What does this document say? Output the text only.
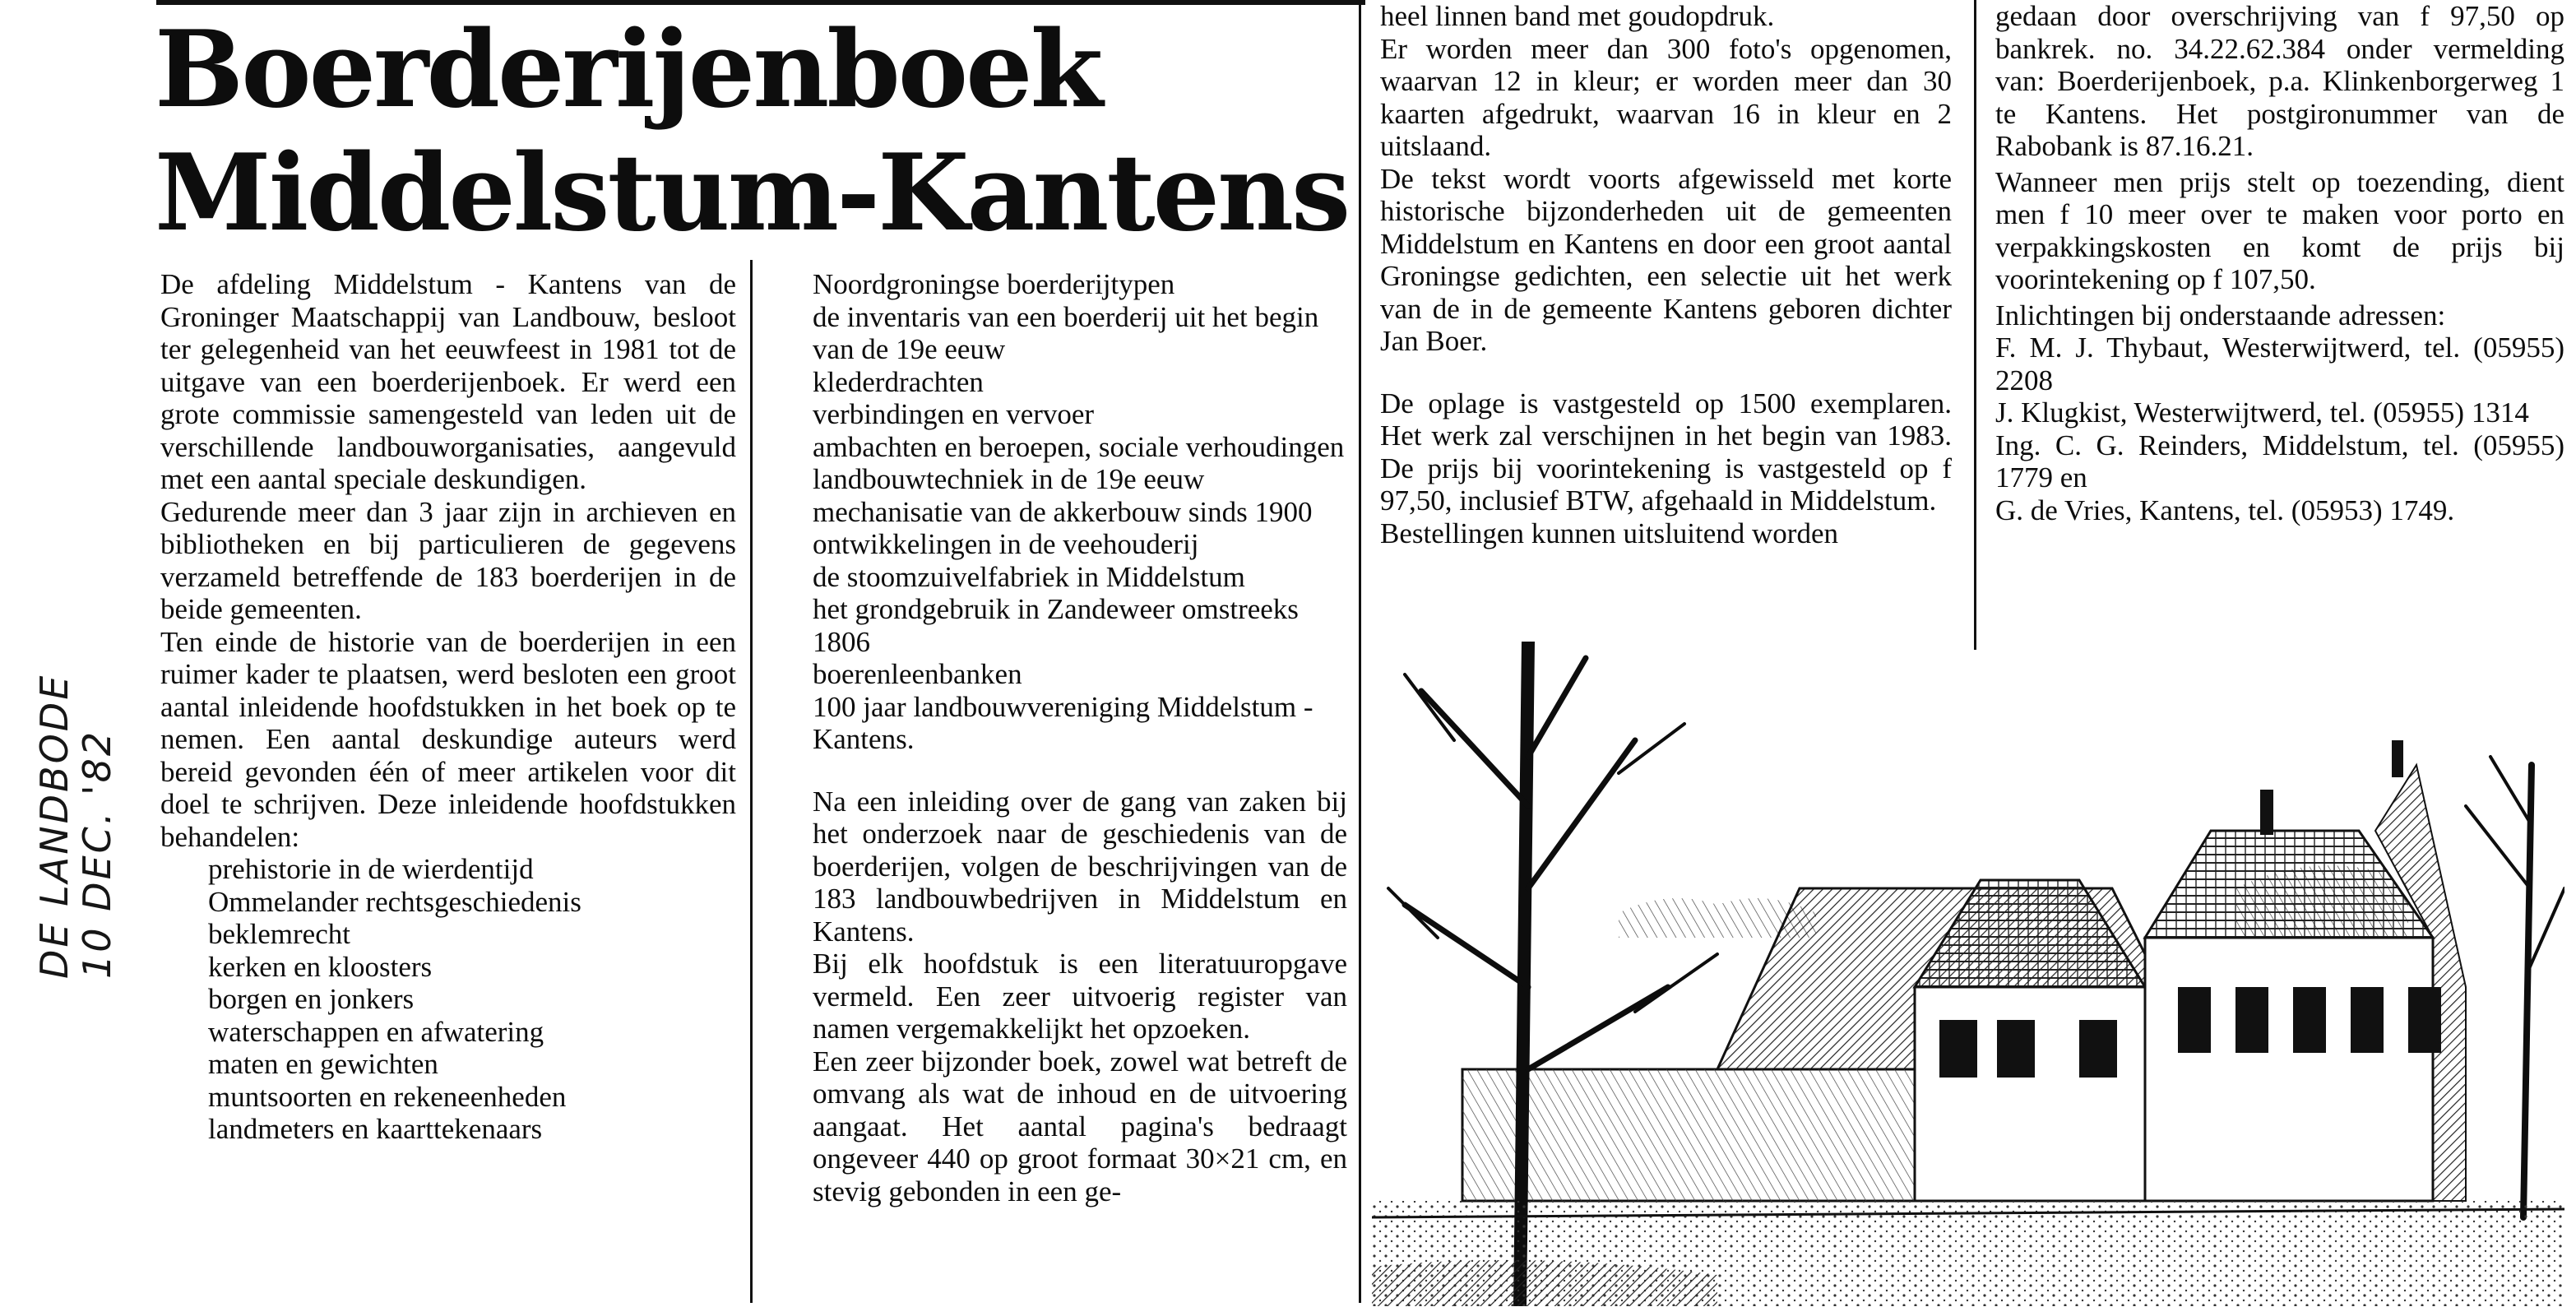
Boerderijenboek
Middelstum-Kantens

De afdeling Middelstum - Kantens van de Groninger Maatschappij van Landbouw, besloot ter gelegenheid van het eeuwfeest in 1981 tot de uitgave van een boerderijenboek. Er werd een grote commissie samengesteld van leden uit de verschillende landbouworganisaties, aangevuld met een aantal speciale deskundigen.

Gedurende meer dan 3 jaar zijn in archieven en bibliotheken en bij particulieren de gegevens verzameld betreffende de 183 boerderijen in de beide gemeenten.

Ten einde de historie van de boerderijen in een ruimer kader te plaatsen, werd besloten een groot aantal inleidende hoofdstukken in het boek op te nemen. Een aantal deskundige auteurs werd bereid gevonden één of meer artikelen voor dit doel te schrijven. Deze inleidende hoofdstukken behandelen:

prehistorie in de wierdentijd
Ommelander rechtsgeschiedenis
beklemrecht
kerken en kloosters
borgen en jonkers
waterschappen en afwatering
maten en gewichten
muntsoorten en rekeneenheden
landmeters en kaarttekenaars
Noordgroningse boerderijtypen
de inventaris van een boerderij uit het begin van de 19e eeuw
klederdrachten
verbindingen en vervoer
ambachten en beroepen, sociale verhoudingen
landbouwtechniek in de 19e eeuw
mechanisatie van de akkerbouw sinds 1900
ontwikkelingen in de veehouderij
de stoomzuivelfabriek in Middelstum
het grondgebruik in Zandeweer omstreeks 1806
boerenleenbanken
100 jaar landbouwvereniging Middelstum - Kantens.

Na een inleiding over de gang van zaken bij het onderzoek naar de geschiedenis van de boerderijen, volgen de beschrijvingen van de 183 landbouwbedrijven in Middelstum en Kantens.

Bij elk hoofdstuk is een literatuuropgave vermeld. Een zeer uitvoerig register van namen vergemakkelijkt het opzoeken.

Een zeer bijzonder boek, zowel wat betreft de omvang als wat de inhoud en de uitvoering aangaat. Het aantal pagina's bedraagt ongeveer 440 op groot formaat 30×21 cm, en stevig gebonden in een ge-

heel linnen band met goudopdruk.

Er worden meer dan 300 foto's opgenomen, waarvan 12 in kleur; er worden meer dan 30 kaarten afgedrukt, waarvan 16 in kleur en 2 uitslaand.

De tekst wordt voorts afgewisseld met korte historische bijzonderheden uit de gemeenten Middelstum en Kantens en door een groot aantal Groningse gedichten, een selectie uit het werk van de in de gemeente Kantens geboren dichter Jan Boer.

De oplage is vastgesteld op 1500 exemplaren. Het werk zal verschijnen in het begin van 1983. De prijs bij voorintekening is vastgesteld op f 97,50, inclusief BTW, afgehaald in Middelstum.

Bestellingen kunnen uitsluitend worden

gedaan door overschrijving van f 97,50 op bankrek. no. 34.22.62.384 onder vermelding van: Boerderijenboek, p.a. Klinkenborgerweg 1 te Kantens. Het postgironummer van de Rabobank is 87.16.21.

Wanneer men prijs stelt op toezending, dient men f 10 meer over te maken voor porto en verpakkingskosten en komt de prijs bij voorintekening op f 107,50.

Inlichtingen bij onderstaande adressen:

F. M. J. Thybaut, Westerwijtwerd, tel. (05955) 2208
J. Klugkist, Westerwijtwerd, tel. (05955) 1314
Ing. C. G. Reinders, Middelstum, tel. (05955) 1779 en
G. de Vries, Kantens, tel. (05953) 1749.
DE LANDBODE
10 DEC. '82
